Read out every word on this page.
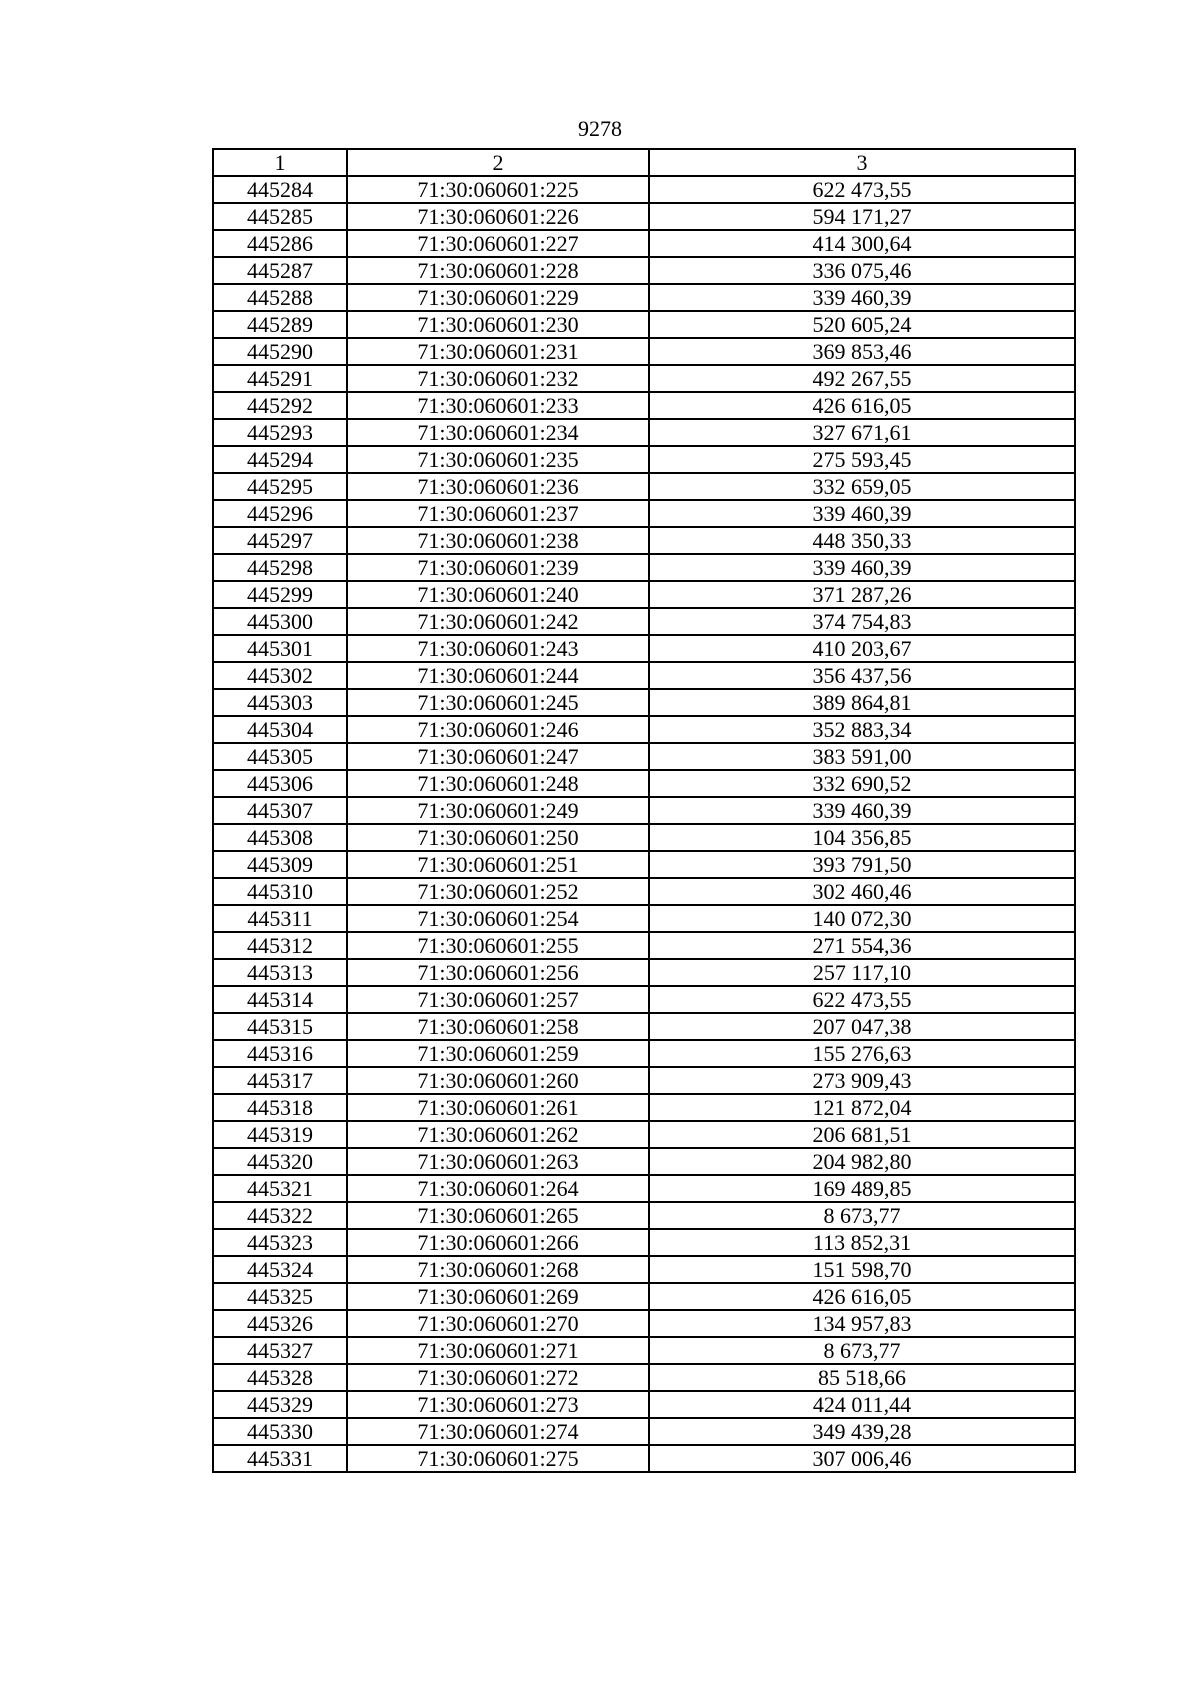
9278
1	2	3
445284	71:30:060601:225	622 473,55
445285	71:30:060601:226	594 171,27
445286	71:30:060601:227	414 300,64
445287	71:30:060601:228	336 075,46
445288	71:30:060601:229	339 460,39
445289	71:30:060601:230	520 605,24
445290	71:30:060601:231	369 853,46
445291	71:30:060601:232	492 267,55
445292	71:30:060601:233	426 616,05
445293	71:30:060601:234	327 671,61
445294	71:30:060601:235	275 593,45
445295	71:30:060601:236	332 659,05
445296	71:30:060601:237	339 460,39
445297	71:30:060601:238	448 350,33
445298	71:30:060601:239	339 460,39
445299	71:30:060601:240	371 287,26
445300	71:30:060601:242	374 754,83
445301	71:30:060601:243	410 203,67
445302	71:30:060601:244	356 437,56
445303	71:30:060601:245	389 864,81
445304	71:30:060601:246	352 883,34
445305	71:30:060601:247	383 591,00
445306	71:30:060601:248	332 690,52
445307	71:30:060601:249	339 460,39
445308	71:30:060601:250	104 356,85
445309	71:30:060601:251	393 791,50
445310	71:30:060601:252	302 460,46
445311	71:30:060601:254	140 072,30
445312	71:30:060601:255	271 554,36
445313	71:30:060601:256	257 117,10
445314	71:30:060601:257	622 473,55
445315	71:30:060601:258	207 047,38
445316	71:30:060601:259	155 276,63
445317	71:30:060601:260	273 909,43
445318	71:30:060601:261	121 872,04
445319	71:30:060601:262	206 681,51
445320	71:30:060601:263	204 982,80
445321	71:30:060601:264	169 489,85
445322	71:30:060601:265	8 673,77
445323	71:30:060601:266	113 852,31
445324	71:30:060601:268	151 598,70
445325	71:30:060601:269	426 616,05
445326	71:30:060601:270	134 957,83
445327	71:30:060601:271	8 673,77
445328	71:30:060601:272	85 518,66
445329	71:30:060601:273	424 011,44
445330	71:30:060601:274	349 439,28
445331	71:30:060601:275	307 006,46
